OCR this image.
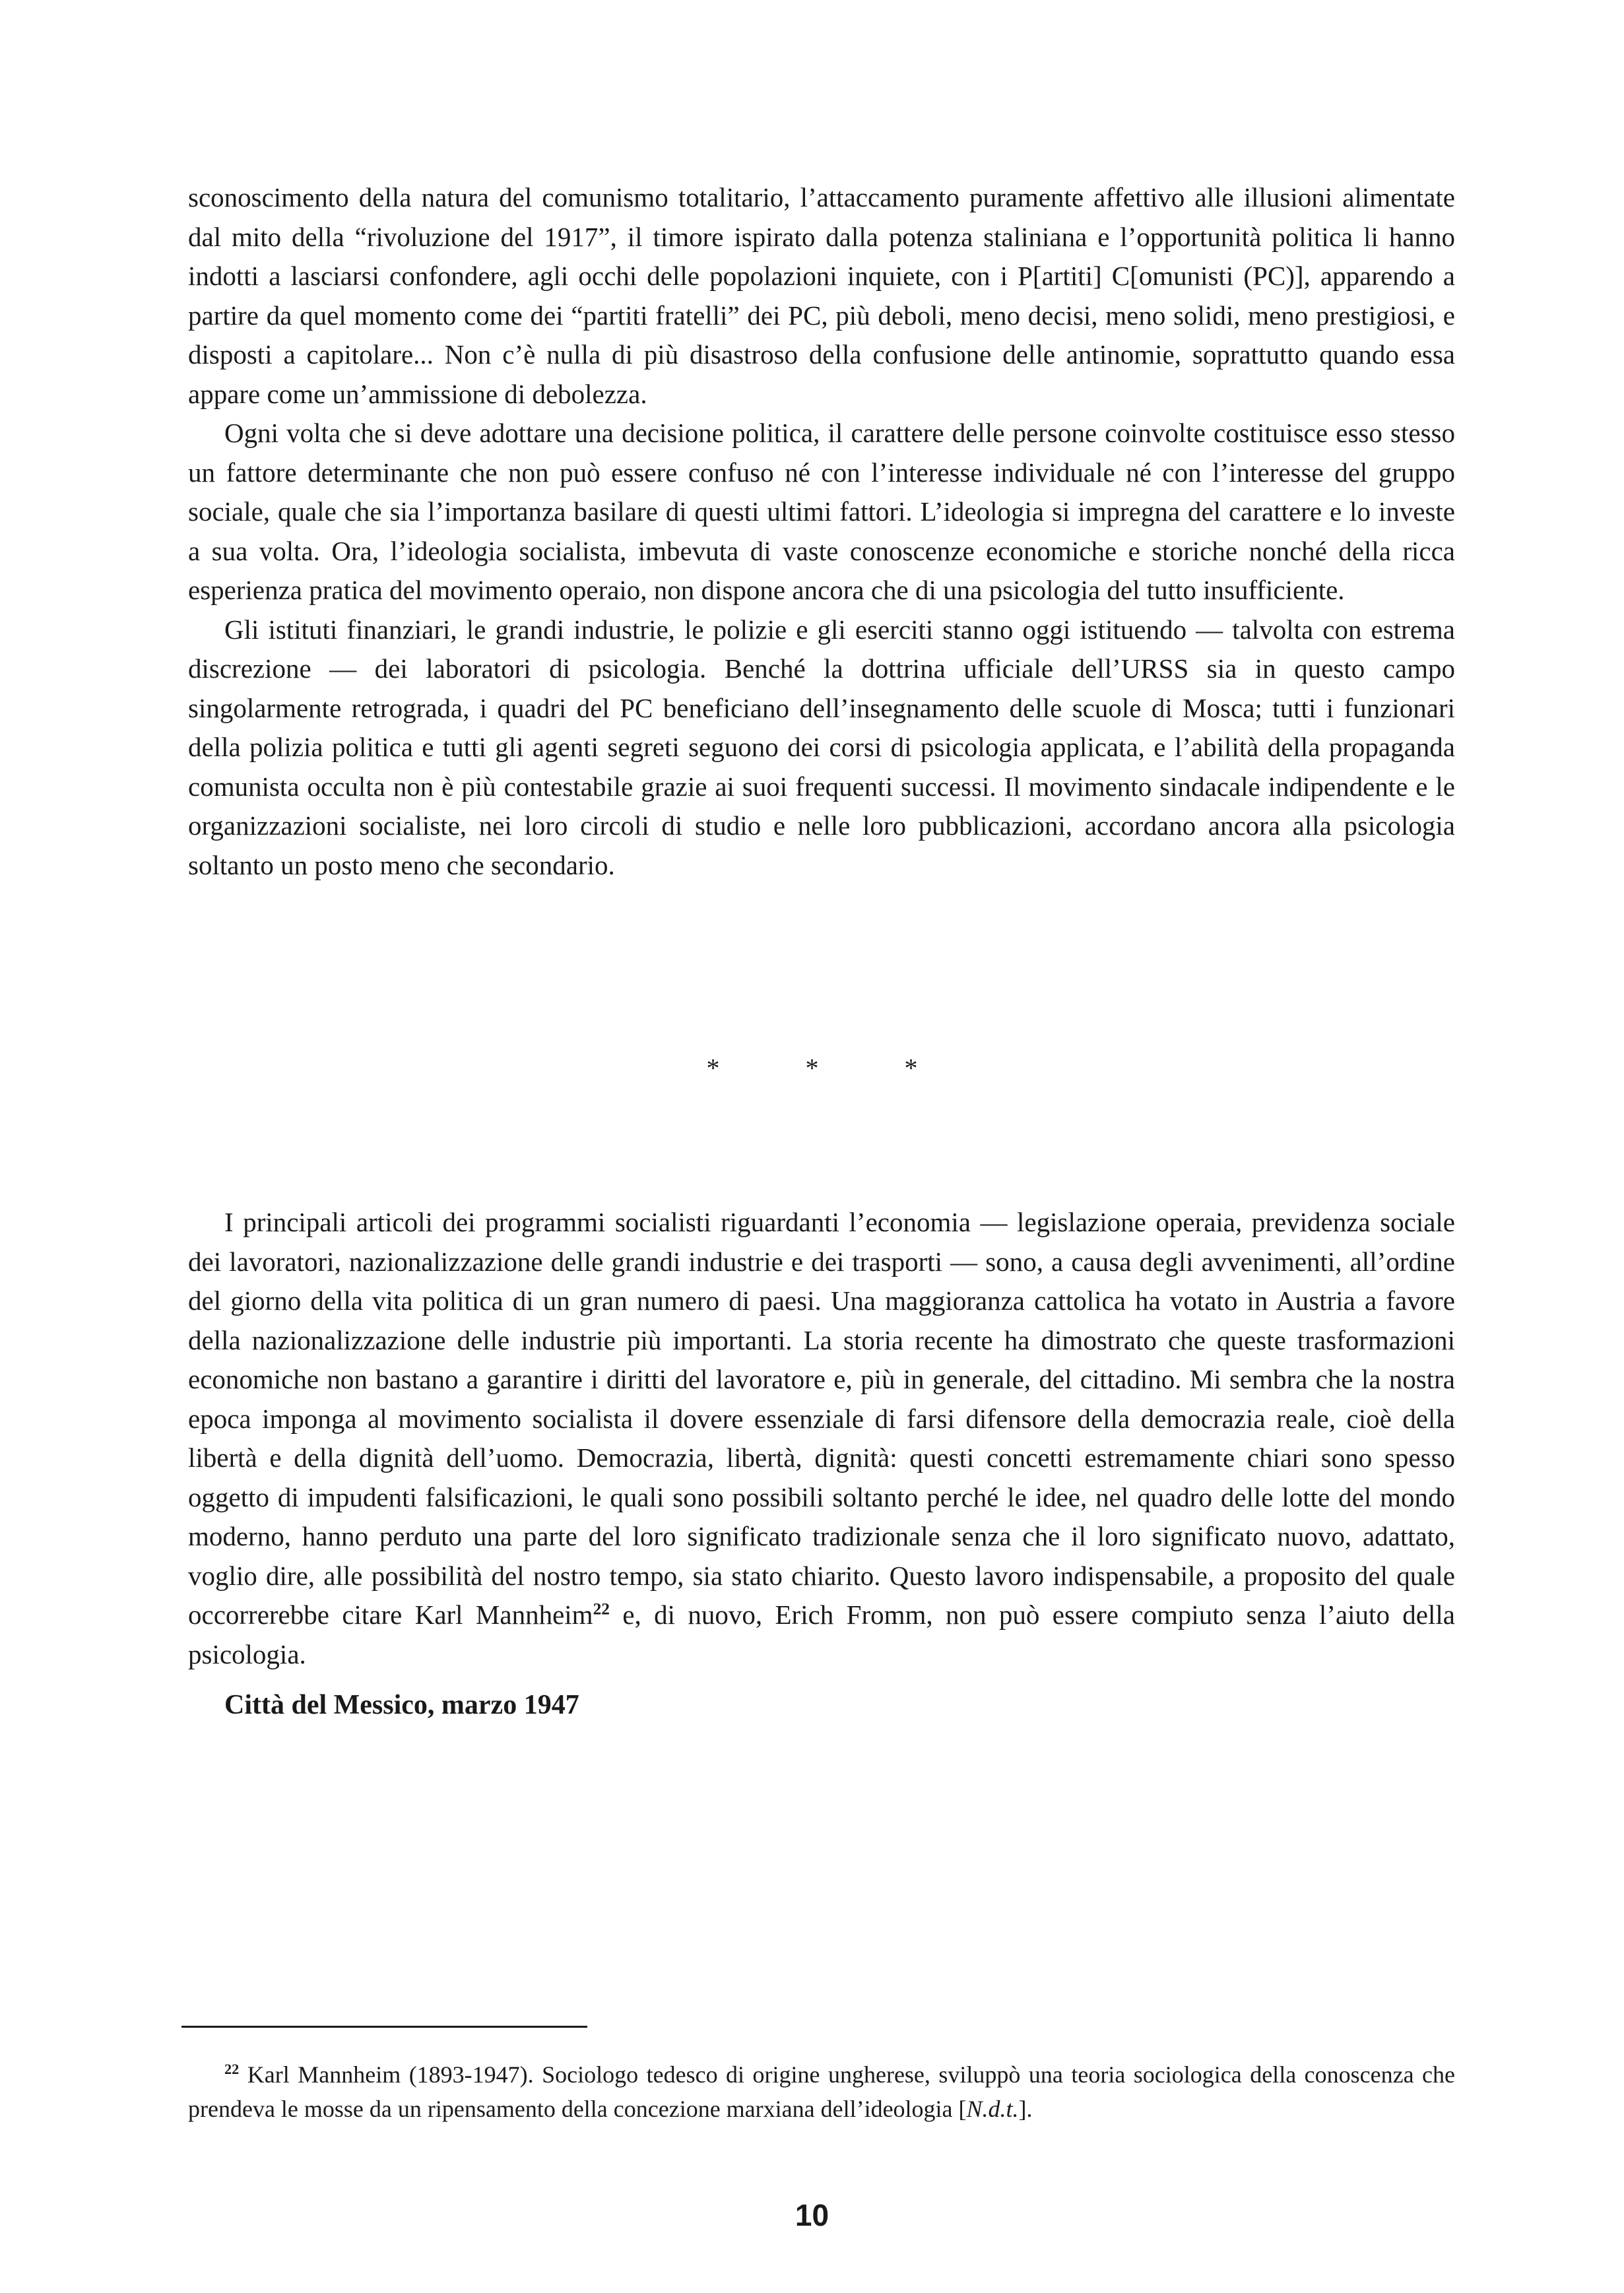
sconoscimento della natura del comunismo totalitario, l’attaccamento puramente affettivo alle illusioni alimentate dal mito della “rivoluzione del 1917”, il timore ispirato dalla potenza staliniana e l’opportunità politica li hanno indotti a lasciarsi confondere, agli occhi delle popolazioni inquiete, con i P[artiti] C[omunisti (PC)], apparendo a partire da quel momento come dei “partiti fratelli” dei PC, più deboli, meno decisi, meno solidi, meno prestigiosi, e disposti a capitolare... Non c’è nulla di più disastroso della confusione delle antinomie, soprattutto quando essa appare come un’ammissione di debolezza.

Ogni volta che si deve adottare una decisione politica, il carattere delle persone coinvolte costituisce esso stesso un fattore determinante che non può essere confuso né con l’interesse individuale né con l’interesse del gruppo sociale, quale che sia l’importanza basilare di questi ultimi fattori. L’ideologia si impregna del carattere e lo investe a sua volta. Ora, l’ideologia socialista, imbevuta di vaste conoscenze economiche e storiche nonché della ricca esperienza pratica del movimento operaio, non dispone ancora che di una psicologia del tutto insufficiente.

Gli istituti finanziari, le grandi industrie, le polizie e gli eserciti stanno oggi istituendo — talvolta con estrema discrezione — dei laboratori di psicologia. Benché la dottrina ufficiale dell’URSS sia in questo campo singolarmente retrograda, i quadri del PC beneficiano dell’insegnamento delle scuole di Mosca; tutti i funzionari della polizia politica e tutti gli agenti segreti seguono dei corsi di psicologia applicata, e l’abilità della propaganda comunista occulta non è più contestabile grazie ai suoi frequenti successi. Il movimento sindacale indipendente e le organizzazioni socialiste, nei loro circoli di studio e nelle loro pubblicazioni, accordano ancora alla psicologia soltanto un posto meno che secondario.

* * *

I principali articoli dei programmi socialisti riguardanti l’economia — legislazione operaia, previdenza sociale dei lavoratori, nazionalizzazione delle grandi industrie e dei trasporti — sono, a causa degli avvenimenti, all’ordine del giorno della vita politica di un gran numero di paesi. Una maggioranza cattolica ha votato in Austria a favore della nazionalizzazione delle industrie più importanti. La storia recente ha dimostrato che queste trasformazioni economiche non bastano a garantire i diritti del lavoratore e, più in generale, del cittadino. Mi sembra che la nostra epoca imponga al movimento socialista il dovere essenziale di farsi difensore della democrazia reale, cioè della libertà e della dignità dell’uomo. Democrazia, libertà, dignità: questi concetti estremamente chiari sono spesso oggetto di impudenti falsificazioni, le quali sono possibili soltanto perché le idee, nel quadro delle lotte del mondo moderno, hanno perduto una parte del loro significato tradizionale senza che il loro significato nuovo, adattato, voglio dire, alle possibilità del nostro tempo, sia stato chiarito. Questo lavoro indispensabile, a proposito del quale occorrerebbe citare Karl Mannheim$^{22}$ e, di nuovo, Erich Fromm, non può essere compiuto senza l’aiuto della psicologia.

Città del Messico, marzo 1947
$^{22}$ Karl Mannheim (1893-1947). Sociologo tedesco di origine ungherese, sviluppò una teoria sociologica della conoscenza che prendeva le mosse da un ripensamento della concezione marxiana dell’ideologia [N.d.t.].
10
